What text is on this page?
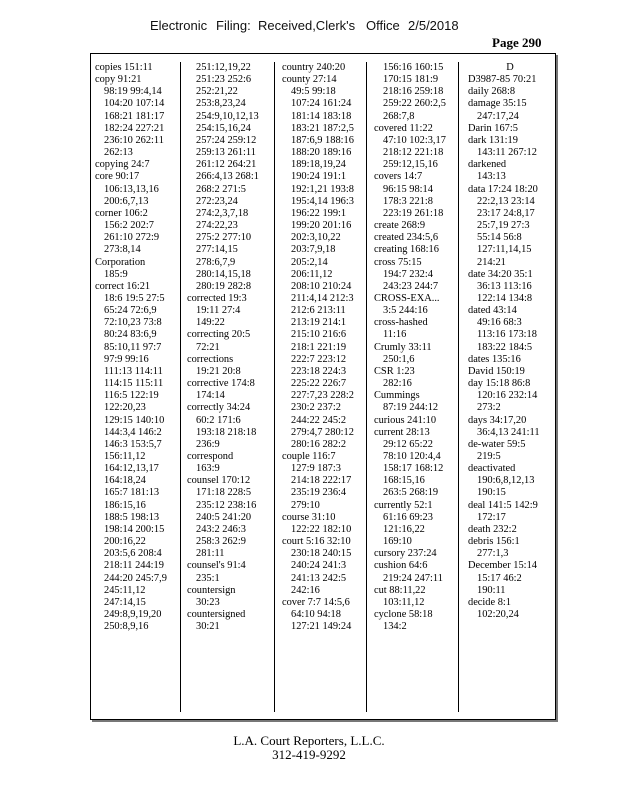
Electronic Filing: Received,Clerk's Office 2/5/2018
Page 290
copies 151:11
copy 91:21
98:19 99:4,14
104:20 107:14
168:21 181:17
182:24 227:21
236:10 262:11
262:13
copying 24:7
core 90:17
106:13,13,16
200:6,7,13
corner 106:2
156:2 202:7
261:10 272:9
273:8,14
Corporation
185:9
correct 16:21
18:6 19:5 27:5
65:24 72:6,9
72:10,23 73:8
80:24 83:6,9
85:10,11 97:7
97:9 99:16
111:13 114:11
114:15 115:11
116:5 122:19
122:20,23
129:15 140:10
144:3,4 146:2
146:3 153:5,7
156:11,12
164:12,13,17
164:18,24
165:7 181:13
186:15,16
188:5 198:13
198:14 200:15
200:16,22
203:5,6 208:4
218:11 244:19
244:20 245:7,9
245:11,12
247:14,15
249:8,9,19,20
250:8,9,16
251:12,19,22
251:23 252:6
252:21,22
253:8,23,24
254:9,10,12,13
254:15,16,24
257:24 259:12
259:13 261:11
261:12 264:21
266:4,13 268:1
268:2 271:5
272:23,24
274:2,3,7,18
274:22,23
275:2 277:10
277:14,15
278:6,7,9
280:14,15,18
280:19 282:8
corrected 19:3
19:11 27:4
149:22
correcting 20:5
72:21
corrections
19:21 20:8
corrective 174:8
174:14
correctly 34:24
60:2 171:6
193:18 218:18
236:9
correspond
163:9
counsel 170:12
171:18 228:5
235:12 238:16
240:5 241:20
243:2 246:3
258:3 262:9
281:11
counsel's 91:4
235:1
countersign
30:23
countersigned
30:21
country 240:20
county 27:14
49:5 99:18
107:24 161:24
181:14 183:18
183:21 187:2,5
187:6,9 188:16
188:20 189:16
189:18,19,24
190:24 191:1
192:1,21 193:8
195:4,14 196:3
196:22 199:1
199:20 201:16
202:3,10,22
203:7,9,18
205:2,14
206:11,12
208:10 210:24
211:4,14 212:3
212:6 213:11
213:19 214:1
215:10 216:6
218:1 221:19
222:7 223:12
223:18 224:3
225:22 226:7
227:7,23 228:2
230:2 237:2
244:22 245:2
279:4,7 280:12
280:16 282:2
couple 116:7
127:9 187:3
214:18 222:17
235:19 236:4
279:10
course 31:10
122:22 182:10
court 5:16 32:10
230:18 240:15
240:24 241:3
241:13 242:5
242:16
cover 7:7 14:5,6
64:10 94:18
127:21 149:24
156:16 160:15
170:15 181:9
218:16 259:18
259:22 260:2,5
268:7,8
covered 11:22
47:10 102:3,17
218:12 221:18
259:12,15,16
covers 14:7
96:15 98:14
178:3 221:8
223:19 261:18
create 268:9
created 234:5,6
creating 168:16
cross 75:15
194:7 232:4
243:23 244:7
CROSS-EXA...
3:5 244:16
cross-hashed
11:16
Crumly 33:11
250:1,6
CSR 1:23
282:16
Cummings
87:19 244:12
curious 241:10
current 28:13
29:12 65:22
78:10 120:4,4
158:17 168:12
168:15,16
263:5 268:19
currently 52:1
61:16 69:23
121:16,22
169:10
cursory 237:24
cushion 64:6
219:24 247:11
cut 88:11,22
103:11,12
cyclone 58:18
134:2
D
D3987-85 70:21
daily 268:8
damage 35:15
247:17,24
Darin 167:5
dark 131:19
143:11 267:12
darkened
143:13
data 17:24 18:20
22:2,13 23:14
23:17 24:8,17
25:7,19 27:3
55:14 56:8
127:11,14,15
214:21
date 34:20 35:1
36:13 113:16
122:14 134:8
dated 43:14
49:16 68:3
113:16 173:18
183:22 184:5
dates 135:16
David 150:19
day 15:18 86:8
120:16 232:14
273:2
days 34:17,20
36:4,13 241:11
de-water 59:5
219:5
deactivated
190:6,8,12,13
190:15
deal 141:5 142:9
172:17
death 232:2
debris 156:1
277:1,3
December 15:14
15:17 46:2
190:11
decide 8:1
102:20,24
L.A. Court Reporters, L.L.C.
312-419-9292
